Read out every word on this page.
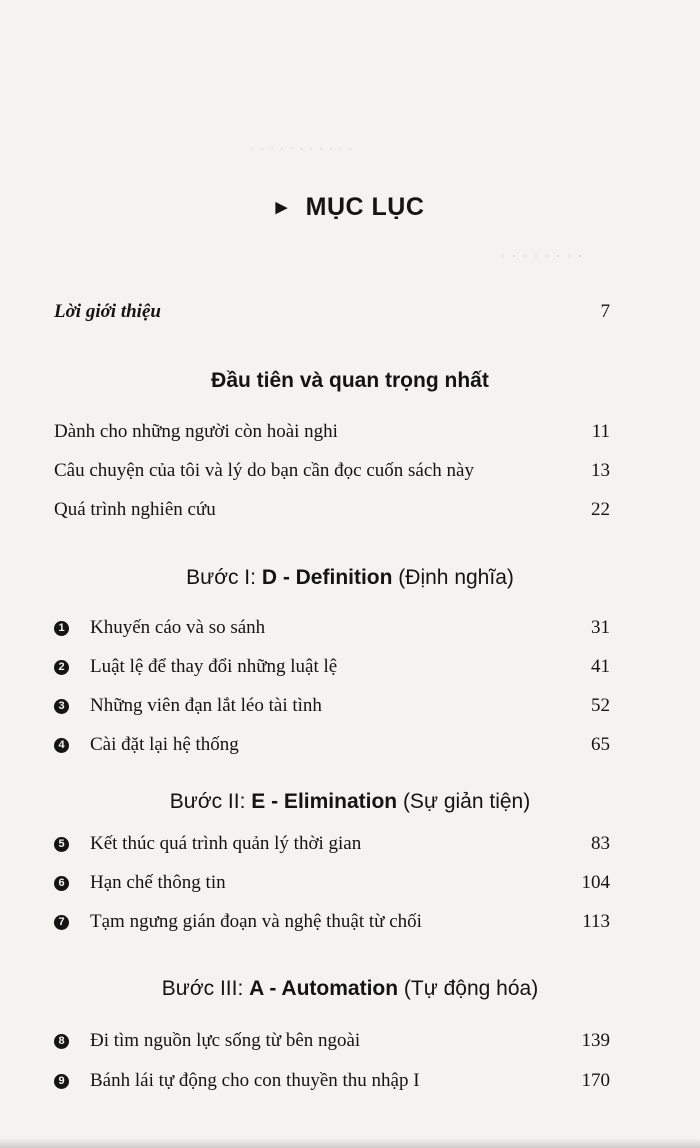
· · · · · · · · · · ·
· · · · · · · ·
▶ MỤC LỤC
Lời giới thiệu	7
Đầu tiên và quan trọng nhất
Dành cho những người còn hoài nghi	11
Câu chuyện của tôi và lý do bạn cần đọc cuốn sách này	13
Quá trình nghiên cứu	22
Bước I: D - Definition (Định nghĩa)
1 Khuyến cáo và so sánh	31
2 Luật lệ để thay đổi những luật lệ	41
3 Những viên đạn lắt léo tài tình	52
4 Cài đặt lại hệ thống	65
Bước II: E - Elimination (Sự giản tiện)
5 Kết thúc quá trình quản lý thời gian	83
6 Hạn chế thông tin	104
7 Tạm ngưng gián đoạn và nghệ thuật từ chối	113
Bước III: A - Automation (Tự động hóa)
8 Đi tìm nguồn lực sống từ bên ngoài	139
9 Bánh lái tự động cho con thuyền thu nhập I	170
